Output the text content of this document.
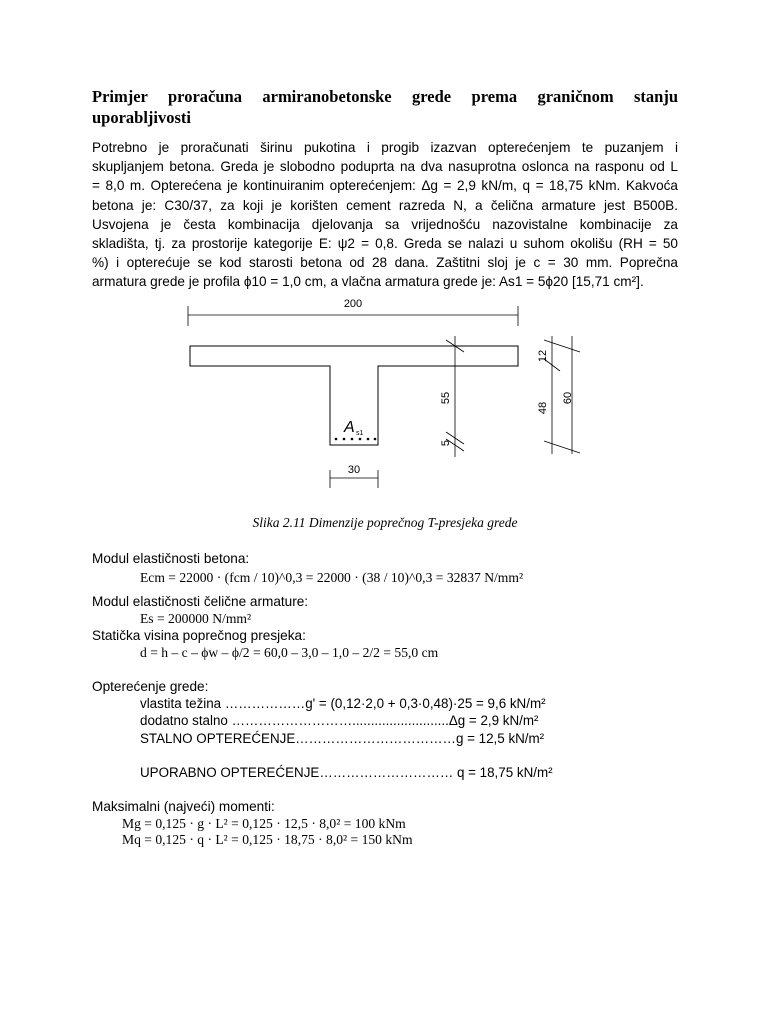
Primjer proračuna armiranobetonske grede prema graničnom stanju uporabljivosti
Potrebno je proračunati širinu pukotina i progib izazvan opterećenjem te puzanjem i
skupljanjem betona. Greda je slobodno poduprta na dva nasuprotna oslonca na rasponu od L
= 8,0 m. Opterećena je kontinuiranim opterećenjem: Δg = 2,9 kN/m, q = 18,75 kNm. Kakvoća
betona je: C30/37, za koji je korišten cement razreda N, a čelična armature jest B500B.
Usvojena je česta kombinacija djelovanja sa vrijednošću nazovistalne kombinacije za
skladišta, tj. za prostorije kategorije E: ψ2 = 0,8. Greda se nalazi u suhom okolišu (RH = 50
%) i opterećuje se kod starosti betona od 28 dana. Zaštitni sloj je c = 30 mm. Poprečna
armatura grede je profila ϕ10 = 1,0 cm, a vlačna armatura grede je: As1 = 5ϕ20 [15,71 cm²].
200
A s1
55
5
12
48
60
30
Slika 2.11 Dimenzije poprečnog T-presjeka grede
Modul elastičnosti betona:
Ecm = 22000 · (fcm / 10)^0,3 = 22000 · (38 / 10)^0,3 = 32837 N/mm²
Modul elastičnosti čelične armature:
Es = 200000 N/mm²
Statička visina poprečnog presjeka:
d = h – c – ϕw – ϕ/2 = 60,0 – 3,0 – 1,0 – 2/2 = 55,0 cm
Opterećenje grede:
vlastita težina ………………g' = (0,12·2,0 + 0,3·0,48)·25 = 9,6 kN/m²
dodatno stalno ………………………..........................Δg = 2,9 kN/m²
STALNO OPTEREĆENJE………………………………g = 12,5 kN/m²
UPORABNO OPTEREĆENJE………………………… q = 18,75 kN/m²
Maksimalni (najveći) momenti:
Mg = 0,125 · g · L² = 0,125 · 12,5 · 8,0² = 100 kNm
Mq = 0,125 · q · L² = 0,125 · 18,75 · 8,0² = 150 kNm
